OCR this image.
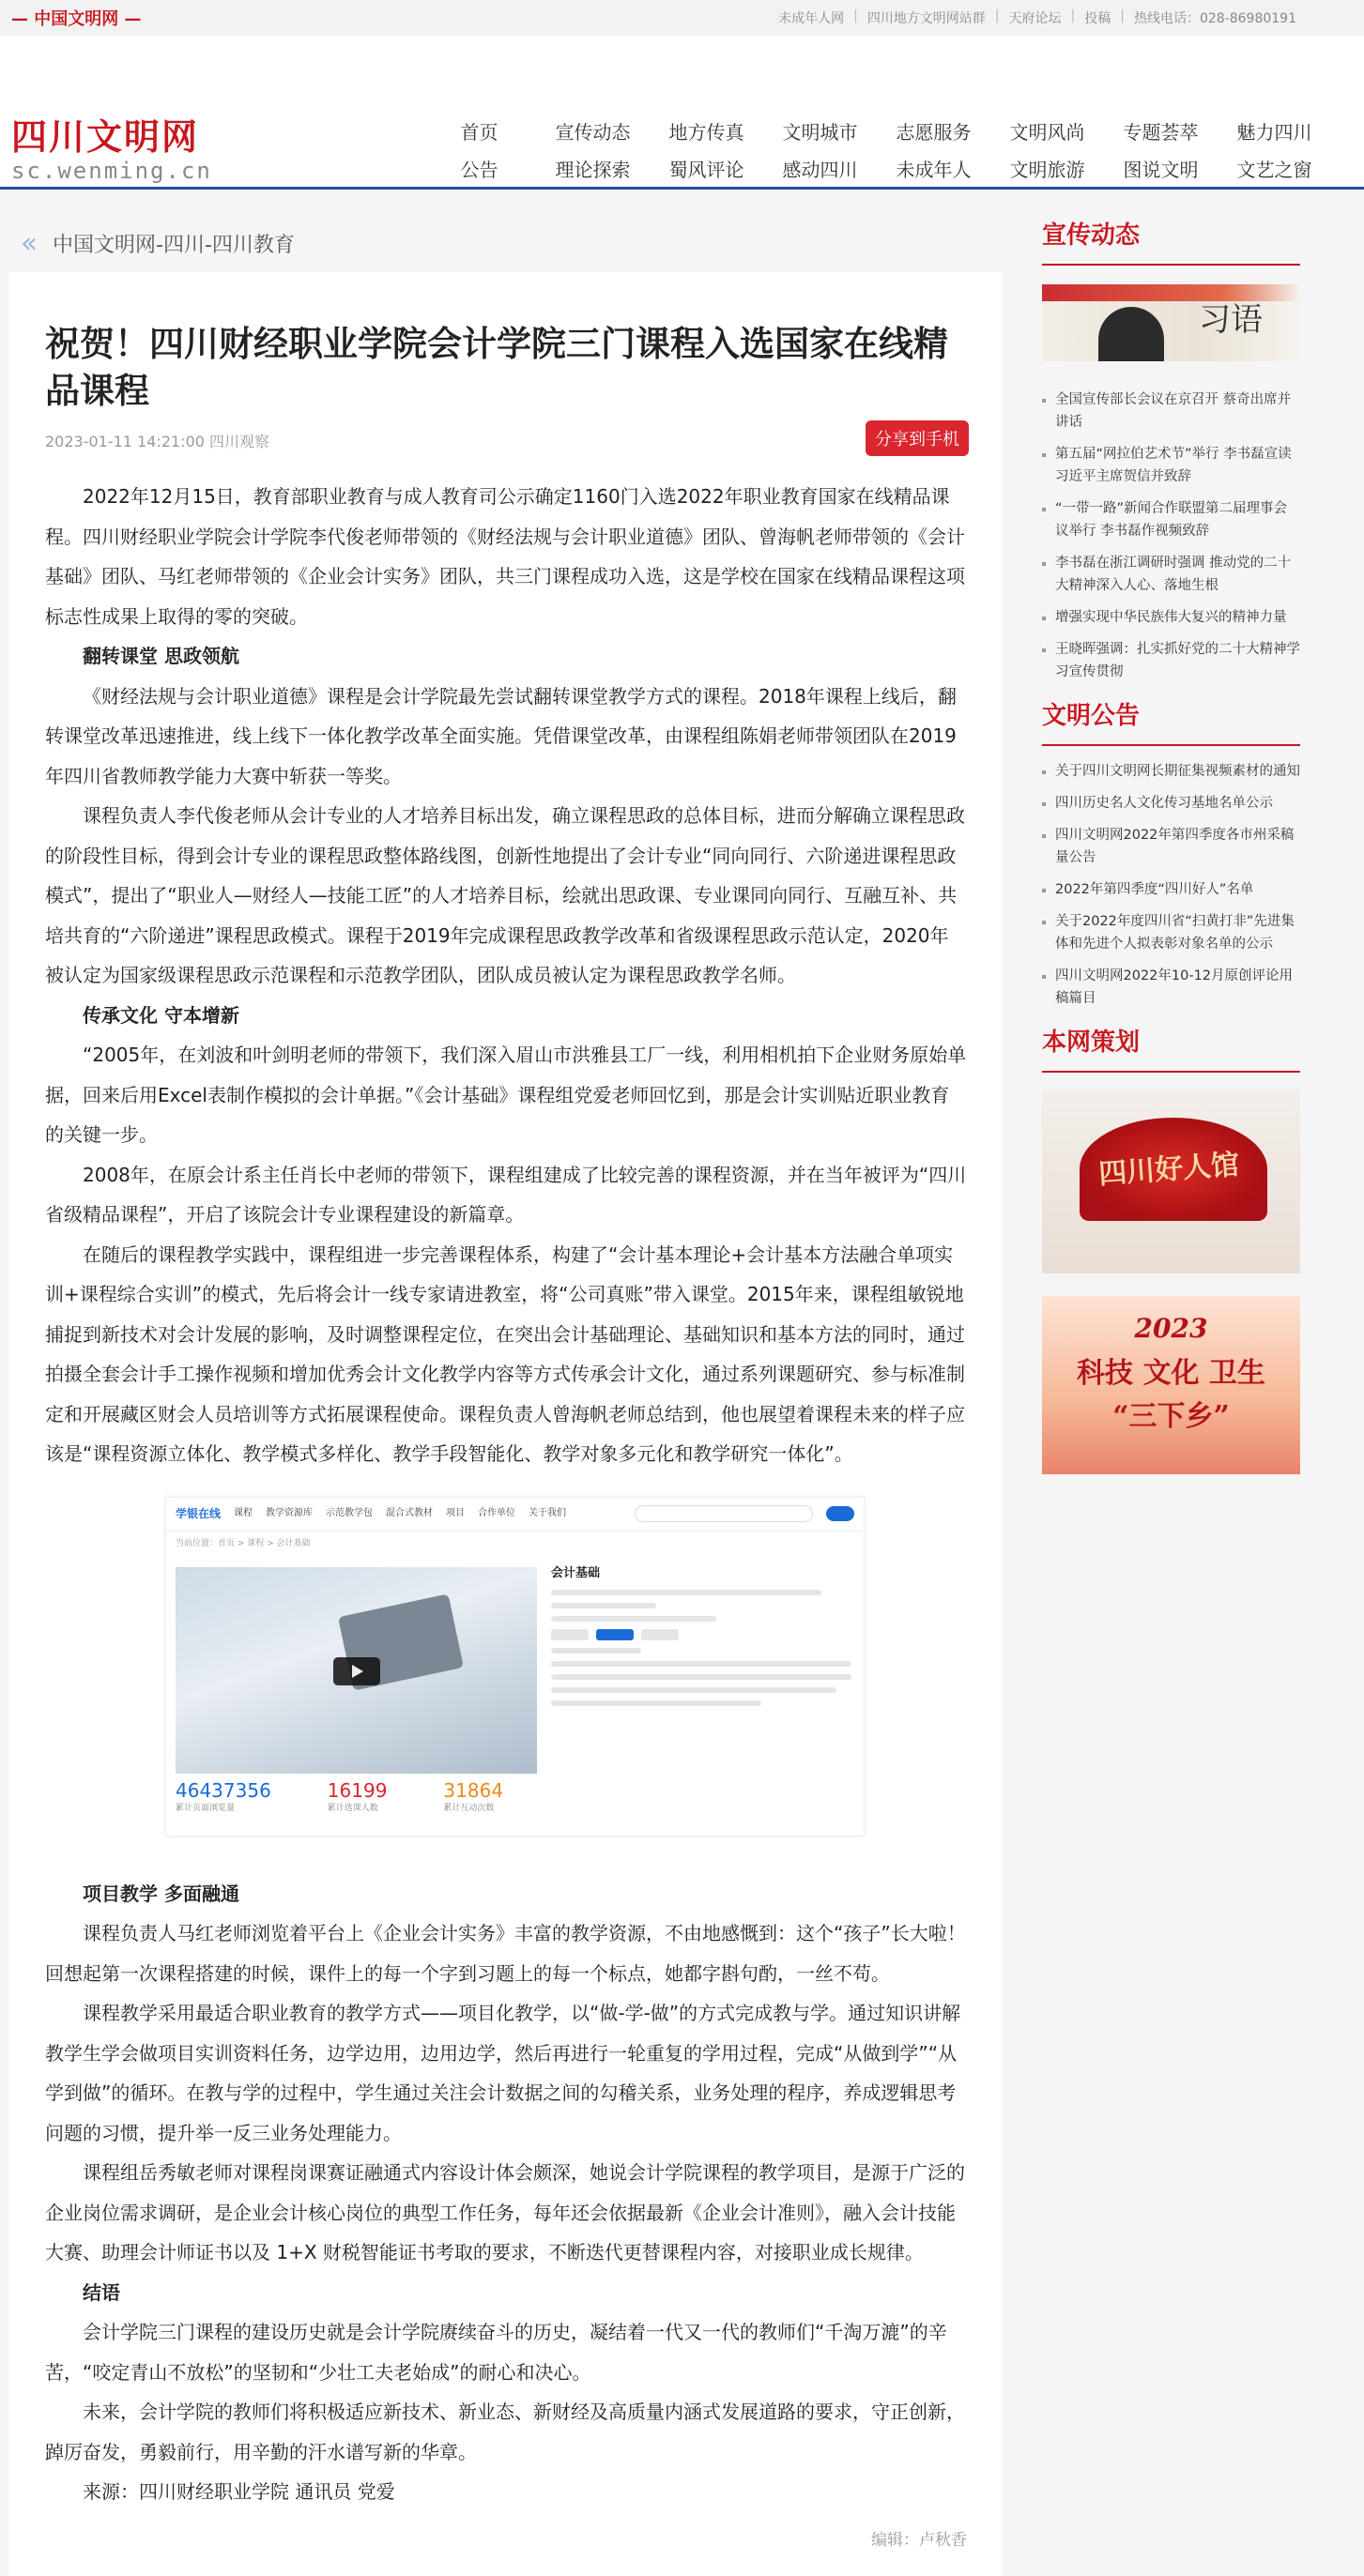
— 中国文明网 —	未成年人网 | 四川地方文明网站群 | 天府论坛 | 投稿 | 热线电话：028-86980191
四川文明网
sc.wenming.cn
首页	宣传动态	地方传真	文明城市	志愿服务	文明风尚	专题荟萃	魅力四川
公告	理论探索	蜀风评论	感动四川	未成年人	文明旅游	图说文明	文艺之窗
‹‹ 中国文明网-四川-四川教育
祝贺！四川财经职业学院会计学院三门课程入选国家在线精品课程
2023-01-11 14:21:00 四川观察	分享到手机

2022年12月15日，教育部职业教育与成人教育司公示确定1160门入选2022年职业教育国家在线精品课程。四川财经职业学院会计学院李代俊老师带领的《财经法规与会计职业道德》团队、曾海帆老师带领的《会计基础》团队、马红老师带领的《企业会计实务》团队，共三门课程成功入选，这是学校在国家在线精品课程这项标志性成果上取得的零的突破。

翻转课堂 思政领航

《财经法规与会计职业道德》课程是会计学院最先尝试翻转课堂教学方式的课程。2018年课程上线后，翻转课堂改革迅速推进，线上线下一体化教学改革全面实施。凭借课堂改革，由课程组陈娟老师带领团队在2019年四川省教师教学能力大赛中斩获一等奖。

课程负责人李代俊老师从会计专业的人才培养目标出发，确立课程思政的总体目标，进而分解确立课程思政的阶段性目标，得到会计专业的课程思政整体路线图，创新性地提出了会计专业“同向同行、六阶递进课程思政模式”，提出了“职业人—财经人—技能工匠”的人才培养目标，绘就出思政课、专业课同向同行、互融互补、共培共育的“六阶递进”课程思政模式。课程于2019年完成课程思政教学改革和省级课程思政示范认定，2020年被认定为国家级课程思政示范课程和示范教学团队，团队成员被认定为课程思政教学名师。

传承文化 守本增新

“2005年，在刘波和叶剑明老师的带领下，我们深入眉山市洪雅县工厂一线，利用相机拍下企业财务原始单据，回来后用Excel表制作模拟的会计单据。”《会计基础》课程组党爱老师回忆到，那是会计实训贴近职业教育的关键一步。

2008年，在原会计系主任肖长中老师的带领下，课程组建成了比较完善的课程资源，并在当年被评为“四川省级精品课程”，开启了该院会计专业课程建设的新篇章。

在随后的课程教学实践中，课程组进一步完善课程体系，构建了“会计基本理论+会计基本方法融合单项实训+课程综合实训”的模式，先后将会计一线专家请进教室，将“公司真账”带入课堂。2015年来，课程组敏锐地捕捉到新技术对会计发展的影响，及时调整课程定位，在突出会计基础理论、基础知识和基本方法的同时，通过拍摄全套会计手工操作视频和增加优秀会计文化教学内容等方式传承会计文化，通过系列课题研究、参与标准制定和开展藏区财会人员培训等方式拓展课程使命。课程负责人曾海帆老师总结到，他也展望着课程未来的样子应该是“课程资源立体化、教学模式多样化、教学手段智能化、教学对象多元化和教学研究一体化”。

学银在线 课程 教学资源库 示范教学包 混合式教材 项目 合作单位 关于我们
当前位置：首页 > 课程 > 会计基础
会计基础
46437356
累计页面浏览量
16199
累计选课人数
31864
累计互动次数

项目教学 多面融通

课程负责人马红老师浏览着平台上《企业会计实务》丰富的教学资源，不由地感慨到：这个“孩子”长大啦！回想起第一次课程搭建的时候，课件上的每一个字到习题上的每一个标点，她都字斟句酌，一丝不苟。

课程教学采用最适合职业教育的教学方式——项目化教学，以“做-学-做”的方式完成教与学。通过知识讲解教学生学会做项目实训资料任务，边学边用，边用边学，然后再进行一轮重复的学用过程，完成“从做到学”“从学到做”的循环。在教与学的过程中，学生通过关注会计数据之间的勾稽关系，业务处理的程序，养成逻辑思考问题的习惯，提升举一反三业务处理能力。

课程组岳秀敏老师对课程岗课赛证融通式内容设计体会颇深，她说会计学院课程的教学项目，是源于广泛的企业岗位需求调研，是企业会计核心岗位的典型工作任务，每年还会依据最新《企业会计准则》，融入会计技能大赛、助理会计师证书以及 1+X 财税智能证书考取的要求，不断迭代更替课程内容，对接职业成长规律。

结语

会计学院三门课程的建设历史就是会计学院赓续奋斗的历史，凝结着一代又一代的教师们“千淘万漉”的辛苦，“咬定青山不放松”的坚韧和“少壮工夫老始成”的耐心和决心。

未来，会计学院的教师们将积极适应新技术、新业态、新财经及高质量内涵式发展道路的要求，守正创新，踔厉奋发，勇毅前行，用辛勤的汗水谱写新的华章。

来源：四川财经职业学院 通讯员 党爱

编辑：卢秋香
宣传动态
习语
全国宣传部长会议在京召开 蔡奇出席并讲话
第五届“网拉伯艺术节”举行 李书磊宣读习近平主席贺信并致辞
“一带一路”新闻合作联盟第二届理事会议举行 李书磊作视频致辞
李书磊在浙江调研时强调 推动党的二十大精神深入人心、落地生根
增强实现中华民族伟大复兴的精神力量
王晓晖强调：扎实抓好党的二十大精神学习宣传贯彻
文明公告
关于四川文明网长期征集视频素材的通知
四川历史名人文化传习基地名单公示
四川文明网2022年第四季度各市州采稿量公告
2022年第四季度“四川好人”名单
关于2022年度四川省“扫黄打非”先进集体和先进个人拟表彰对象名单的公示
四川文明网2022年10-12月原创评论用稿篇目
本网策划
四川好人馆
2023
科技 文化 卫生
“三下乡”
